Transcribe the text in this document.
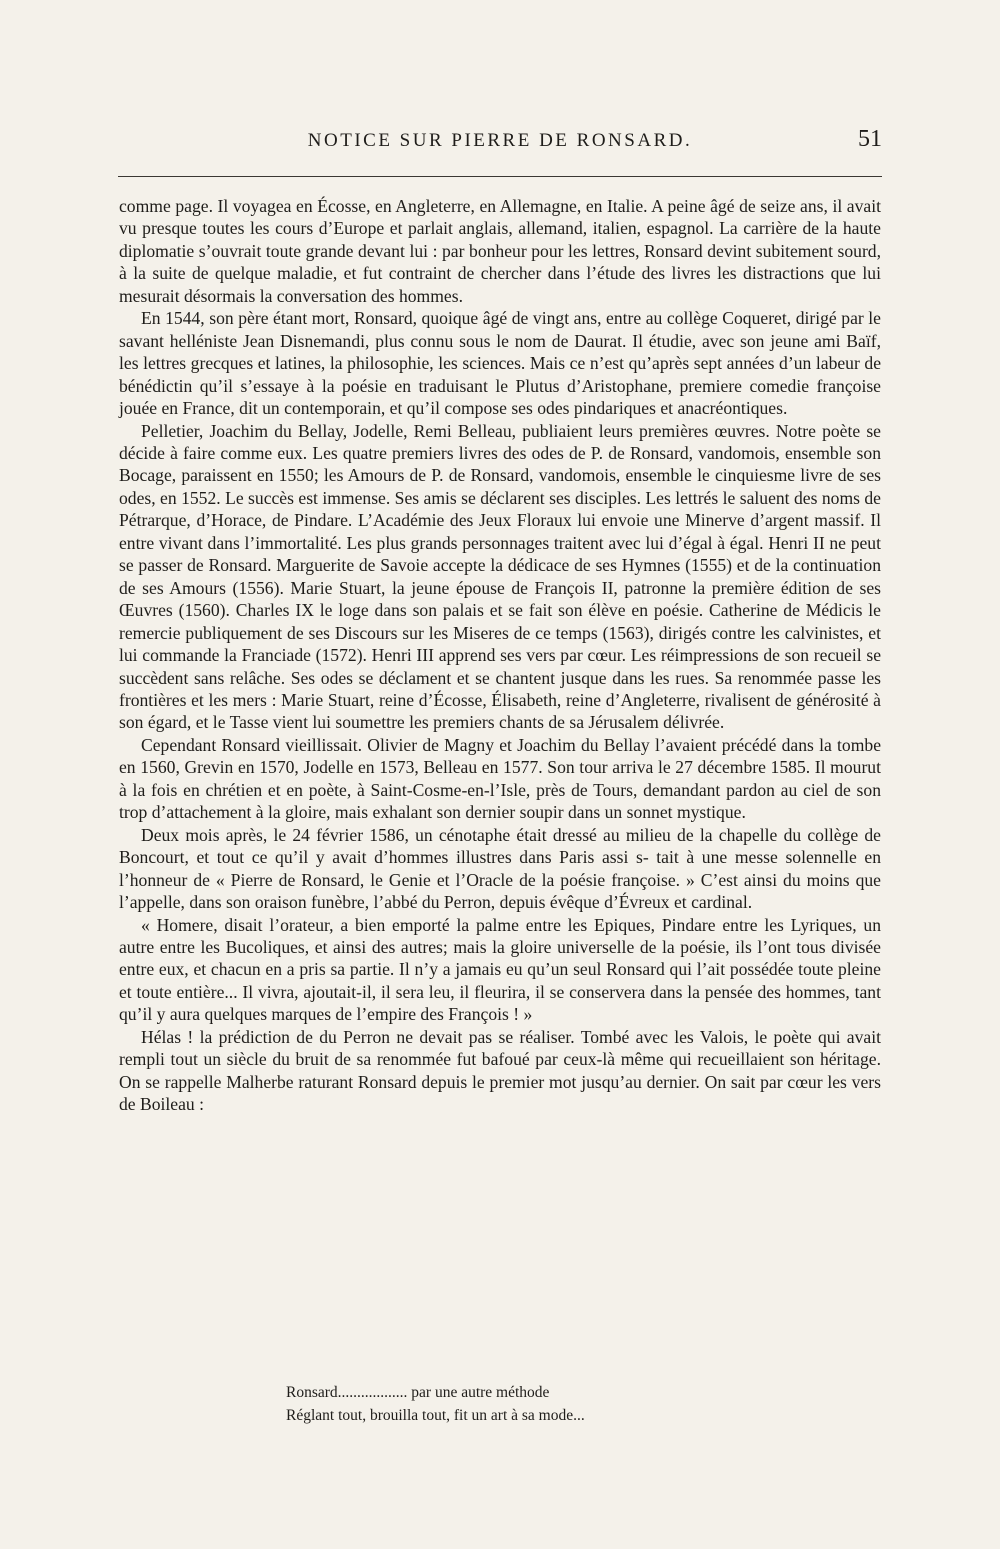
NOTICE SUR PIERRE DE RONSARD.	51

comme page. Il voyagea en Écosse, en Angleterre, en Allemagne, en Italie. A peine âgé de seize ans, il avait vu presque toutes les cours d’Europe et parlait anglais, allemand, italien, espagnol. La carrière de la haute diplomatie s’ouvrait toute grande devant lui : par bonheur pour les lettres, Ronsard devint subitement sourd, à la suite de quelque maladie, et fut contraint de chercher dans l’étude des livres les distractions que lui mesurait désormais la conversation des hommes.

En 1544, son père étant mort, Ronsard, quoique âgé de vingt ans, entre au collège Coqueret, dirigé par le savant helléniste Jean Disnemandi, plus connu sous le nom de Daurat. Il étudie, avec son jeune ami Baïf, les lettres grecques et latines, la philosophie, les sciences. Mais ce n’est qu’après sept années d’un labeur de bénédictin qu’il s’essaye à la poésie en traduisant le Plutus d’Aristophane, premiere comedie françoise jouée en France, dit un contemporain, et qu’il compose ses odes pindariques et anacréontiques.

Pelletier, Joachim du Bellay, Jodelle, Remi Belleau, publiaient leurs premières œuvres. Notre poète se décide à faire comme eux. Les quatre premiers livres des odes de P. de Ronsard, vandomois, ensemble son Bocage, paraissent en 1550; les Amours de P. de Ronsard, vandomois, ensemble le cinquiesme livre de ses odes, en 1552. Le succès est immense. Ses amis se déclarent ses disciples. Les lettrés le saluent des noms de Pétrarque, d’Horace, de Pindare. L’Académie des Jeux Floraux lui envoie une Minerve d’argent massif. Il entre vivant dans l’immortalité. Les plus grands personnages traitent avec lui d’égal à égal. Henri II ne peut se passer de Ronsard. Marguerite de Savoie accepte la dédicace de ses Hymnes (1555) et de la continuation de ses Amours (1556). Marie Stuart, la jeune épouse de François II, patronne la première édition de ses Œuvres (1560). Charles IX le loge dans son palais et se fait son élève en poésie. Catherine de Médicis le remercie publiquement de ses Discours sur les Miseres de ce temps (1563), dirigés contre les calvinistes, et lui commande la Franciade (1572). Henri III apprend ses vers par cœur. Les réimpressions de son recueil se succèdent sans relâche. Ses odes se déclament et se chantent jusque dans les rues. Sa renommée passe les frontières et les mers : Marie Stuart, reine d’Écosse, Élisabeth, reine d’Angleterre, rivalisent de générosité à son égard, et le Tasse vient lui soumettre les premiers chants de sa Jérusalem délivrée.

Cependant Ronsard vieillissait. Olivier de Magny et Joachim du Bellay l’avaient précédé dans la tombe en 1560, Grevin en 1570, Jodelle en 1573, Belleau en 1577. Son tour arriva le 27 décembre 1585. Il mourut à la fois en chrétien et en poète, à Saint-Cosme-en-l’Isle, près de Tours, demandant pardon au ciel de son trop d’attachement à la gloire, mais exhalant son dernier soupir dans un sonnet mystique.

Deux mois après, le 24 février 1586, un cénotaphe était dressé au milieu de la chapelle du collège de Boncourt, et tout ce qu’il y avait d’hommes illustres dans Paris assi s- tait à une messe solennelle en l’honneur de « Pierre de Ronsard, le Genie et l’Oracle de la poésie françoise. » C’est ainsi du moins que l’appelle, dans son oraison funèbre, l’abbé du Perron, depuis évêque d’Évreux et cardinal.

« Homere, disait l’orateur, a bien emporté la palme entre les Epiques, Pindare entre les Lyriques, un autre entre les Bucoliques, et ainsi des autres; mais la gloire universelle de la poésie, ils l’ont tous divisée entre eux, et chacun en a pris sa partie. Il n’y a jamais eu qu’un seul Ronsard qui l’ait possédée toute pleine et toute entière... Il vivra, ajoutait-il, il sera leu, il fleurira, il se conservera dans la pensée des hommes, tant qu’il y aura quelques marques de l’empire des François ! »

Hélas ! la prédiction de du Perron ne devait pas se réaliser. Tombé avec les Valois, le poète qui avait rempli tout un siècle du bruit de sa renommée fut bafoué par ceux-là même qui recueillaient son héritage. On se rappelle Malherbe raturant Ronsard depuis le premier mot jusqu’au dernier. On sait par cœur les vers de Boileau :

Ronsard.................. par une autre méthode
Réglant tout, brouilla tout, fit un art à sa mode...
